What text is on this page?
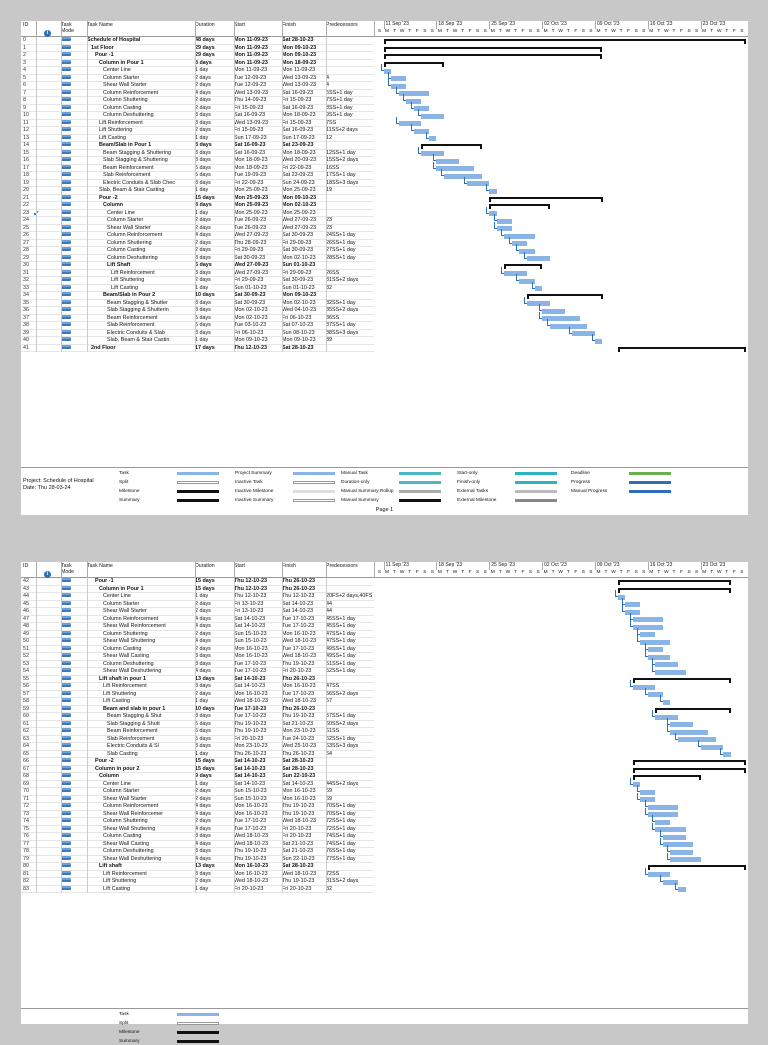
ID	Task Mode
Task Name	Duration	Start	Finish	Predecessors
i
11 Sep '23	18 Sep '23	25 Sep '23	02 Oct '23	09 Oct '23	16 Oct '23	23 Oct '23
S M T W T F S S M T W T F S S M T W T F S S M T W T F S S M T W T F S S M T W T F S S M T W T F S
0	Schedule of Hospital	48 days	Mon 11-09-23	Sat 28-10-23
1	1st Floor	29 days	Mon 11-09-23	Mon 09-10-23
2	Pour -1	29 days	Mon 11-09-23	Mon 09-10-23
3	Column in Pour 1	8 days	Mon 11-09-23	Mon 18-09-23
4	Center Line	1 day	Mon 11-09-23	Mon 11-09-23
5	Column Starter	2 days	Tue 12-09-23	Wed 13-09-23	4
6	Shear Wall Starter	2 days	Tue 12-09-23	Wed 13-09-23	4
7	Column Reinforcement	4 days	Wed 13-09-23	Sat 16-09-23	5SS+1 day
8	Column Shuttering	2 days	Thu 14-09-23	Fri 15-09-23	7SS+1 day
9	Column Casting	2 days	Fri 15-09-23	Sat 16-09-23	8SS+1 day
10	Column Deshuttering	3 days	Sat 16-09-23	Mon 18-09-23	9SS+1 day
11	Lift Reinforcement	3 days	Wed 13-09-23	Fri 15-09-23	7SS
12	Lift Shuttering	2 days	Fri 15-09-23	Sat 16-09-23	11SS+2 days
13	Lift Casting	1 day	Sun 17-09-23	Sun 17-09-23	12
14	Beam/Slab in Pour 1	8 days	Sat 16-09-23	Sat 23-09-23
15	Beam Stagging & Shuttering	3 days	Sat 16-09-23	Mon 18-09-23	12SS+1 day
16	Slab Stagging & Shuttering	3 days	Mon 18-09-23	Wed 20-09-23	15SS+2 days
17	Beam Reinforcement	5 days	Mon 18-09-23	Fri 22-09-23	16SS
18	Slab Reinforcement	5 days	Tue 19-09-23	Sat 23-09-23	17SS+1 day
19	Electric Conduits & Slab Chec	3 days	Fri 22-09-23	Sun 24-09-23	18SS+3 days
20	Slab, Beam & Stair Casting	1 day	Mon 25-09-23	Mon 25-09-23	19
21	Pour -2	15 days	Mon 25-09-23	Mon 09-10-23
22	Column	8 days	Mon 25-09-23	Mon 02-10-23
23 ✔	Center Line	1 day	Mon 25-09-23	Mon 25-09-23
24	Column Starter	2 days	Tue 26-09-23	Wed 27-09-23	23
25	Shear Wall Starter	2 days	Tue 26-09-23	Wed 27-09-23	23
26	Column Reinforcement	4 days	Wed 27-09-23	Sat 30-09-23	24SS+1 day
27	Column Shuttering	2 days	Thu 28-09-23	Fri 29-09-23	26SS+1 day
28	Column Casting	2 days	Fri 29-09-23	Sat 30-09-23	27SS+1 day
29	Column Deshuttering	3 days	Sat 30-09-23	Mon 02-10-23	28SS+1 day
30	Lift Shaft	5 days	Wed 27-09-23	Sun 01-10-23
31	Lift Reinforcement	3 days	Wed 27-09-23	Fri 29-09-23	26SS
32	Lift Shuttering	2 days	Fri 29-09-23	Sat 30-09-23	31SS+2 days
33	Lift Casting	1 day	Sun 01-10-23	Sun 01-10-23	32
34	Beam/Slab in Pour 2	10 days	Sat 30-09-23	Mon 09-10-23
35	Beam Stagging & Shutter	3 days	Sat 30-09-23	Mon 02-10-23	32SS+1 day
36	Slab Stagging & Shutterin	3 days	Mon 02-10-23	Wed 04-10-23	35SS+2 days
37	Beam Reinforcement	5 days	Mon 02-10-23	Fri 06-10-23	36SS
38	Slab Reinforcement	5 days	Tue 03-10-23	Sat 07-10-23	37SS+1 day
39	Electric Conduits & Slab	3 days	Fri 06-10-23	Sun 08-10-23	38SS+3 days
40	Slab, Beam & Stair Castin	1 day	Mon 09-10-23	Mon 09-10-23	39
41	2nd Floor	17 days	Thu 12-10-23	Sat 28-10-23
Project: Schedule of Hospital
Date: Thu 28-03-24
Task
Split
Milestone
Summary
Project Summary
Inactive Task
Inactive Milestone
Inactive Summary
Manual Task
Duration-only
Manual Summary Rollup
Manual Summary
Start-only
Finish-only
External Tasks
External Milestone
Deadline
Progress
Manual Progress
Page 1
ID	Task Mode
Task Name	Duration	Start	Finish	Predecessors
i
11 Sep '23	18 Sep '23	25 Sep '23	02 Oct '23	09 Oct '23	16 Oct '23	23 Oct '23
S M T W T F S S M T W T F S S M T W T F S S M T W T F S S M T W T F S S M T W T F S S M T W T F S
42	Pour -1	15 days	Thu 12-10-23	Thu 26-10-23
43	Column in Pour 1	15 days	Thu 12-10-23	Thu 26-10-23
44	Center Line	1 day	Thu 12-10-23	Thu 12-10-23	20FS+2 days,40FS
45	Column Starter	2 days	Fri 13-10-23	Sat 14-10-23	44
46	Shear Wall Starter	2 days	Fri 13-10-23	Sat 14-10-23	44
47	Column Reinforcement	4 days	Sat 14-10-23	Tue 17-10-23	45SS+1 day
48	Shear Wall Reinforcement	4 days	Sat 14-10-23	Tue 17-10-23	45SS+1 day
49	Column Shuttering	2 days	Sun 15-10-23	Mon 16-10-23	47SS+1 day
50	Shear Wall Shuttering	4 days	Sun 15-10-23	Wed 18-10-23	47SS+1 day
51	Column Casting	2 days	Mon 16-10-23	Tue 17-10-23	49SS+1 day
52	Shear Wall Casting	3 days	Mon 16-10-23	Wed 18-10-23	49SS+1 day
53	Column Deshuttering	3 days	Tue 17-10-23	Thu 19-10-23	51SS+1 day
54	Shear Wall Deshuttering	4 days	Tue 17-10-23	Fri 20-10-23	52SS+1 day
55	Lift shaft in pour 1	13 days	Sat 14-10-23	Thu 26-10-23
56	Lift Reinforcement	3 days	Sat 14-10-23	Mon 16-10-23	47SS
57	Lift Shuttering	2 days	Mon 16-10-23	Tue 17-10-23	56SS+2 days
58	Lift Casting	1 day	Wed 18-10-23	Wed 18-10-23	57
59	Beam and slab in pour 1	10 days	Tue 17-10-23	Thu 26-10-23
60	Beam Stagging & Shut	3 days	Tue 17-10-23	Thu 19-10-23	57SS+1 day
61	Slab Stagging & Shutt	5 days	Thu 19-10-23	Sat 21-10-23	60SS+2 days
62	Beam Reinforcement	5 days	Thu 19-10-23	Mon 23-10-23	61SS
63	Slab Reinforcement	5 days	Fri 20-10-23	Tue 24-10-23	62SS+1 day
64	Electric Conduits & Sl	3 days	Mon 23-10-23	Wed 25-10-23	63SS+3 days
65	Slab Casting	1 day	Thu 26-10-23	Thu 26-10-23	64
66	Pour -2	15 days	Sat 14-10-23	Sat 28-10-23
67	Column in pour 2	15 days	Sat 14-10-23	Sat 28-10-23
68	Column	9 days	Sat 14-10-23	Sun 22-10-23
69	Center Line	1 day	Sat 14-10-23	Sat 14-10-23	44SS+2 days
70	Column Starter	2 days	Sun 15-10-23	Mon 16-10-23	69
71	Shear Wall Starter	2 days	Sun 15-10-23	Mon 16-10-23	69
72	Column Reinforcement	4 days	Mon 16-10-23	Thu 19-10-23	70SS+1 day
73	Shear Wall Reinforcemer	4 days	Mon 16-10-23	Thu 19-10-23	70SS+1 day
74	Column Shuttering	2 days	Tue 17-10-23	Wed 18-10-23	72SS+1 day
75	Shear Wall Shuttering	4 days	Tue 17-10-23	Fri 20-10-23	72SS+1 day
76	Column Casting	3 days	Wed 18-10-23	Fri 20-10-23	74SS+1 day
77	Shear Wall Casting	4 days	Wed 18-10-23	Sat 21-10-23	74SS+1 day
78	Column Deshuttering	3 days	Thu 19-10-23	Sat 21-10-23	76SS+1 day
79	Shear Wall Deshuttering	4 days	Thu 19-10-23	Sun 22-10-23	77SS+1 day
80	Lift shaft	13 days	Mon 16-10-23	Sat 28-10-23
81	Lift Reinforcement	3 days	Mon 16-10-23	Wed 18-10-23	72SS
82	Lift Shuttering	2 days	Wed 18-10-23	Thu 19-10-23	81SS+2 days
83	Lift Casting	1 day	Fri 20-10-23	Fri 20-10-23	82
Task
Split
Milestone
Summary
